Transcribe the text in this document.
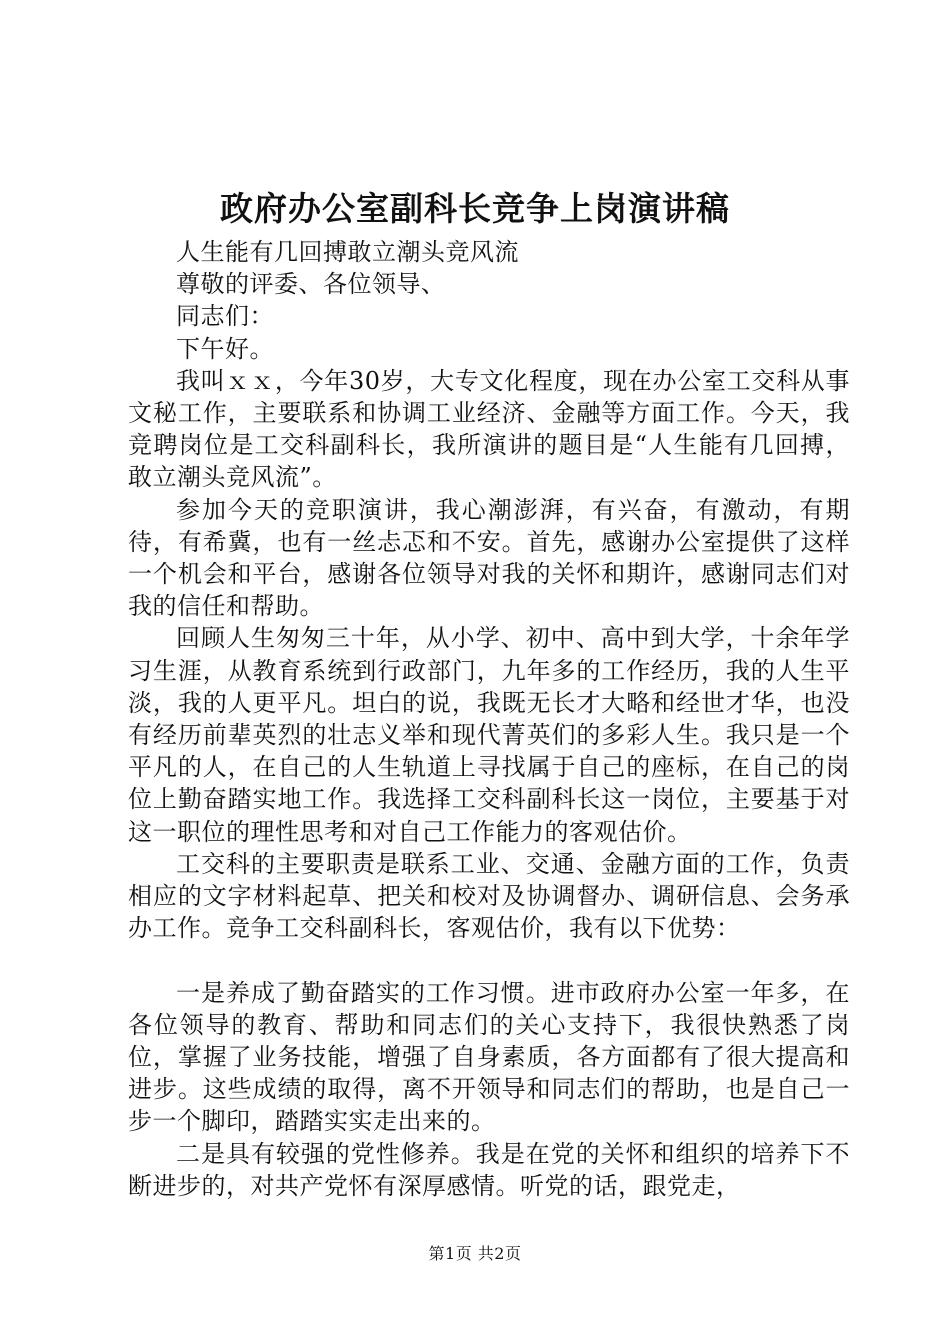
政府办公室副科长竞争上岗演讲稿

人生能有几回搏敢立潮头竞风流

尊敬的评委、各位领导、

同志们：

下午好。

我叫ｘｘ，今年30岁，大专文化程度，现在办公室工交科从事文秘工作，主要联系和协调工业经济、金融等方面工作。今天，我竞聘岗位是工交科副科长，我所演讲的题目是“人生能有几回搏，敢立潮头竞风流”。

参加今天的竞职演讲，我心潮澎湃，有兴奋，有激动，有期待，有希冀，也有一丝忐忑和不安。首先，感谢办公室提供了这样一个机会和平台，感谢各位领导对我的关怀和期许，感谢同志们对我的信任和帮助。

回顾人生匆匆三十年，从小学、初中、高中到大学，十余年学习生涯，从教育系统到行政部门，九年多的工作经历，我的人生平淡，我的人更平凡。坦白的说，我既无长才大略和经世才华，也没有经历前辈英烈的壮志义举和现代菁英们的多彩人生。我只是一个平凡的人，在自己的人生轨道上寻找属于自己的座标，在自己的岗位上勤奋踏实地工作。我选择工交科副科长这一岗位，主要基于对这一职位的理性思考和对自己工作能力的客观估价。

工交科的主要职责是联系工业、交通、金融方面的工作，负责相应的文字材料起草、把关和校对及协调督办、调研信息、会务承办工作。竞争工交科副科长，客观估价，我有以下优势：

一是养成了勤奋踏实的工作习惯。进市政府办公室一年多，在各位领导的教育、帮助和同志们的关心支持下，我很快熟悉了岗位，掌握了业务技能，增强了自身素质，各方面都有了很大提高和进步。这些成绩的取得，离不开领导和同志们的帮助，也是自己一步一个脚印，踏踏实实走出来的。

二是具有较强的党性修养。我是在党的关怀和组织的培养下不断进步的，对共产党怀有深厚感情。听党的话，跟党走，

第1页 共2页
